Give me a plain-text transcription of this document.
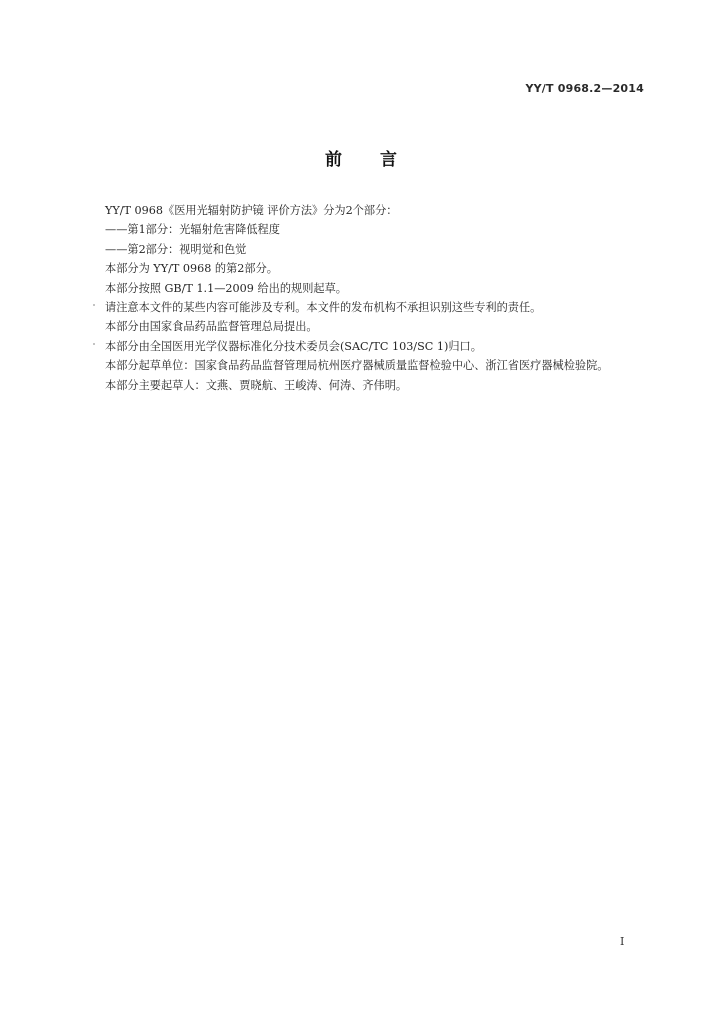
YY/T 0968.2—2014
前 言

YY/T 0968《医用光辐射防护镜 评价方法》分为2个部分：

——第1部分：光辐射危害降低程度

——第2部分：视明觉和色觉

本部分为 YY/T 0968 的第2部分。

本部分按照 GB/T 1.1—2009 给出的规则起草。

请注意本文件的某些内容可能涉及专利。本文件的发布机构不承担识别这些专利的责任。

本部分由国家食品药品监督管理总局提出。

本部分由全国医用光学仪器标准化分技术委员会(SAC/TC 103/SC 1)归口。

本部分起草单位：国家食品药品监督管理局杭州医疗器械质量监督检验中心、浙江省医疗器械检验院。

本部分主要起草人：文燕、贾晓航、王峻涛、何涛、齐伟明。

I
